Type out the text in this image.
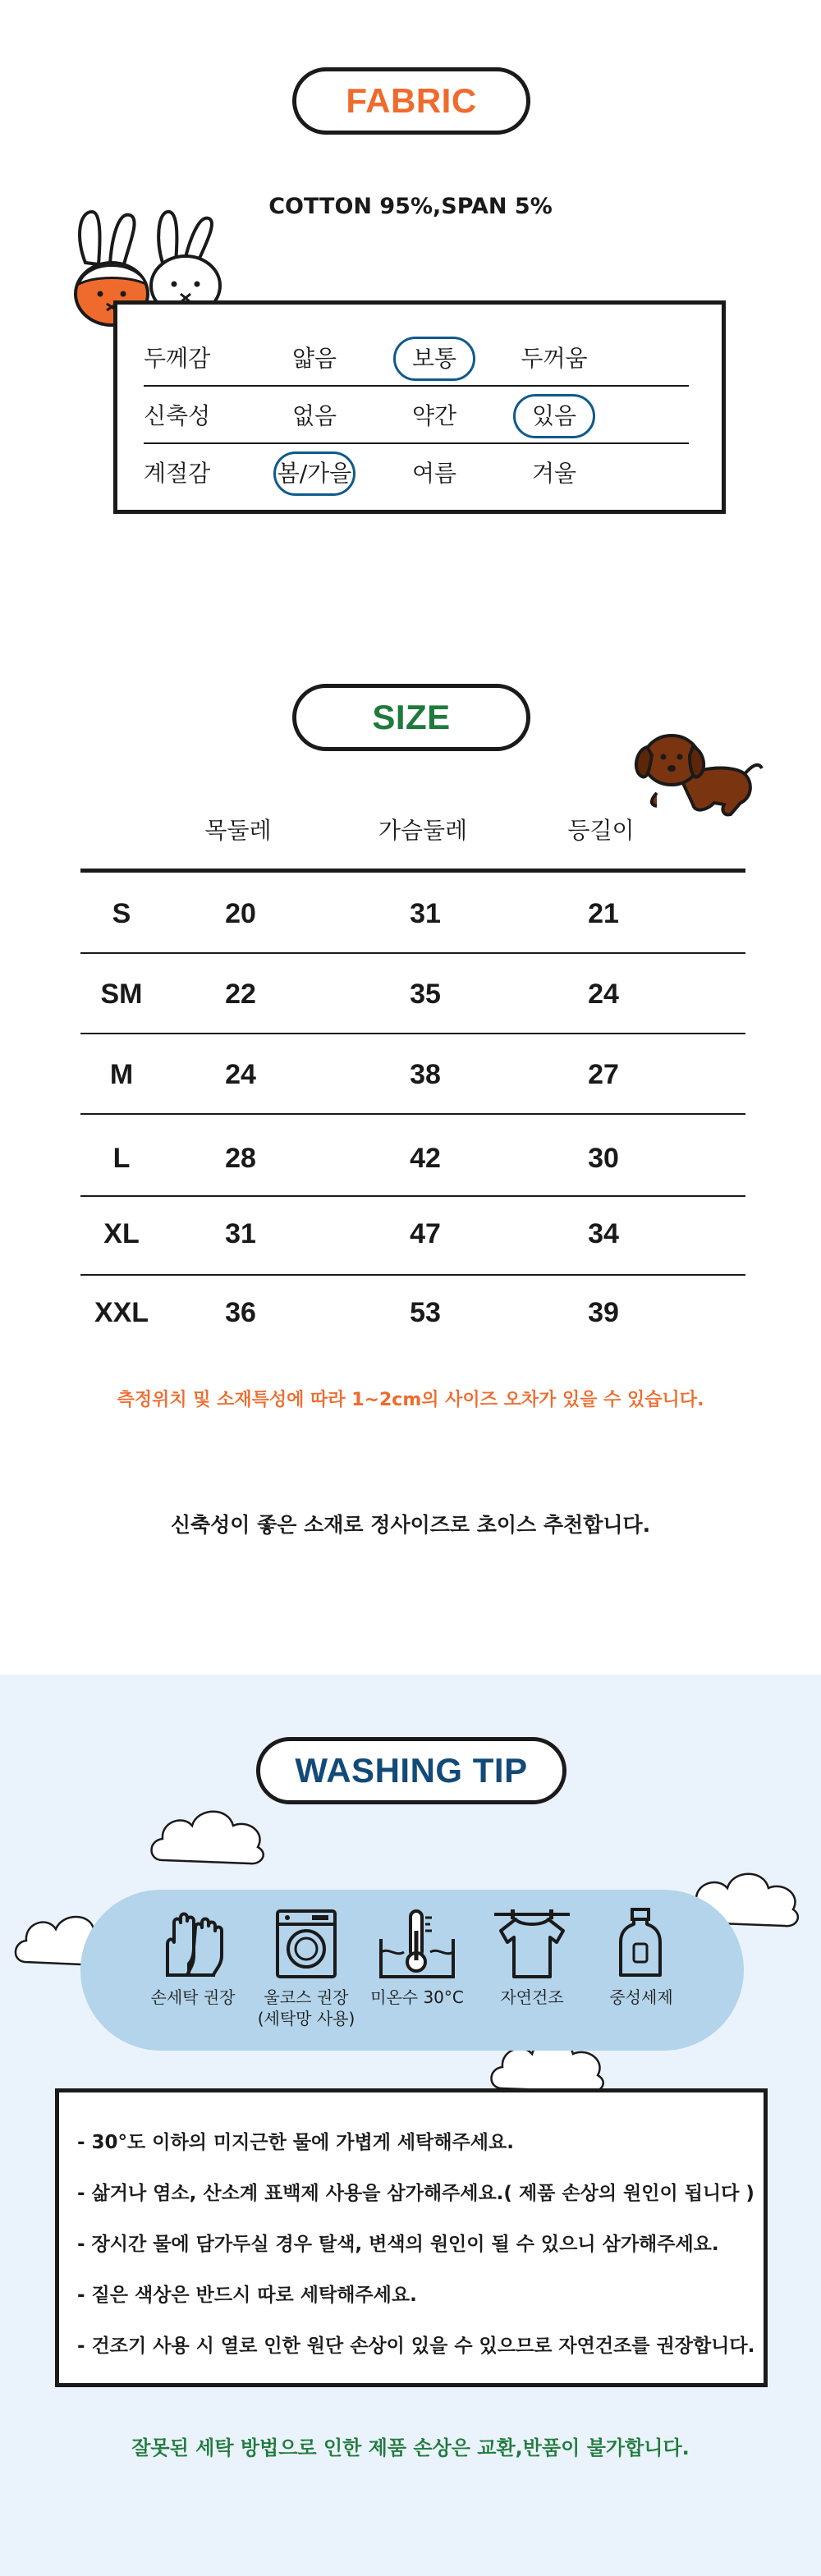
FABRIC
COTTON 95%,SPAN 5%
두께감	얇음	보통	두꺼움
신축성	없음	약간	있음
계절감	봄/가을	여름	겨울
SIZE
목둘레	가슴둘레	등길이
S	20	31	21
SM	22	35	24
M	24	38	27
L	28	42	30
XL	31	47	34
XXL	36	53	39
측정위치 및 소재특성에 따라 1~2cm의 사이즈 오차가 있을 수 있습니다.
신축성이 좋은 소재로 정사이즈로 초이스 추천합니다.
WASHING TIP
손세탁 권장	울코스 권장
(세탁망 사용)
미온수 30°C	자연건조	중성세제
- 30°도 이하의 미지근한 물에 가볍게 세탁해주세요.
- 삶거나 염소, 산소계 표백제 사용을 삼가해주세요.( 제품 손상의 원인이 됩니다 )
- 장시간 물에 담가두실 경우 탈색, 변색의 원인이 될 수 있으니 삼가해주세요.
- 짙은 색상은 반드시 따로 세탁해주세요.
- 건조기 사용 시 열로 인한 원단 손상이 있을 수 있으므로 자연건조를 권장합니다.
잘못된 세탁 방법으로 인한 제품 손상은 교환,반품이 불가합니다.
